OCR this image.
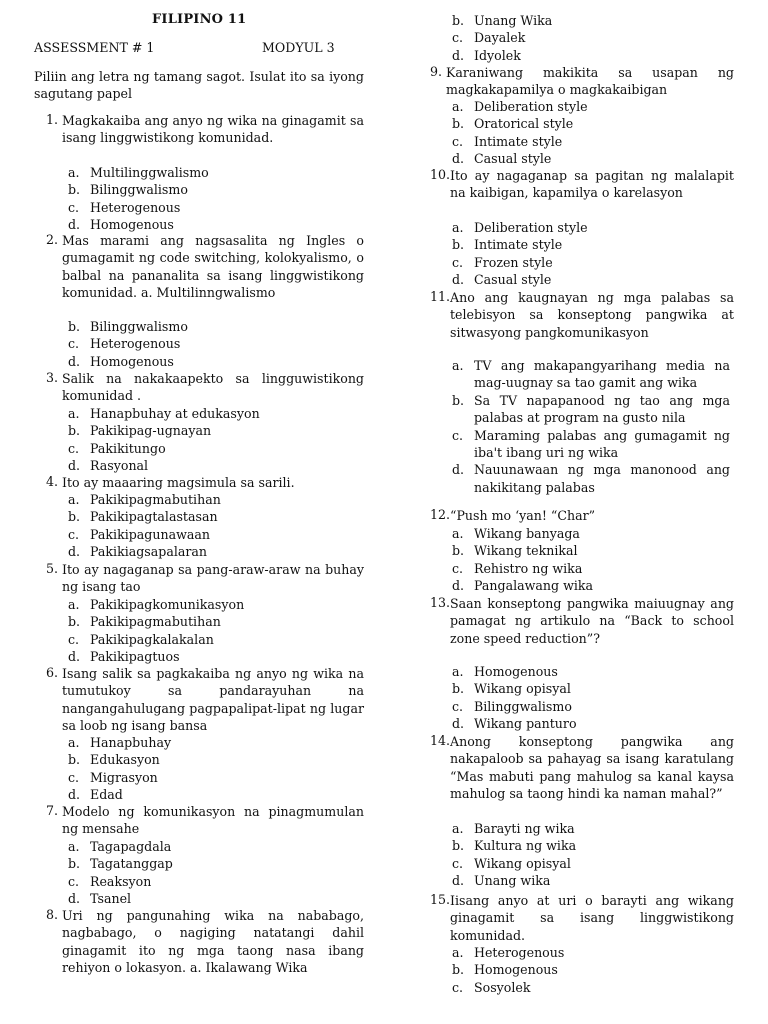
FILIPINO 11
ASSESSMENT # 1	MODYUL 3
Piliin ang letra ng tamang sagot. Isulat ito sa iyong sagutang papel
1. Magkakaiba ang anyo ng wika na ginagamit sa isang linggwistikong komunidad.
a. Multilinggwalismo
b. Bilinggwalismo
c. Heterogenous
d. Homogenous
2. Mas marami ang nagsasalita ng Ingles o gumagamit ng code switching, kolokyalismo, o balbal na pananalita sa isang linggwistikong komunidad. a. Multilinngwalismo
b. Bilinggwalismo
c. Heterogenous
d. Homogenous
3. Salik na nakakaapekto sa lingguwistikong komunidad .
a. Hanapbuhay at edukasyon
b. Pakikipag-ugnayan
c. Pakikitungo
d. Rasyonal
4. Ito ay maaaring magsimula sa sarili.
a. Pakikipagmabutihan
b. Pakikipagtalastasan
c. Pakikipagunawaan
d. Pakikiagsapalaran
5. Ito ay nagaganap sa pang-araw-araw na buhay ng isang tao
a. Pakikipagkomunikasyon
b. Pakikipagmabutihan
c. Pakikipagkalakalan
d. Pakikipagtuos
6. Isang salik sa pagkakaiba ng anyo ng wika na tumutukoy sa pandarayuhan na nangangahulugang pagpapalipat-lipat ng lugar sa loob ng isang bansa
a. Hanapbuhay
b. Edukasyon
c. Migrasyon
d. Edad
7. Modelo ng komunikasyon na pinagmumulan ng mensahe
a. Tagapagdala
b. Tagatanggap
c. Reaksyon
d. Tsanel
8. Uri ng pangunahing wika na nababago, nagbabago, o nagiging natatangi dahil ginagamit ito ng mga taong nasa ibang rehiyon o lokasyon. a. Ikalawang Wika
b. Unang Wika
c. Dayalek
d. Idyolek
9. Karaniwang makikita sa usapan ng magkakapamilya o magkakaibigan
a. Deliberation style
b. Oratorical style
c. Intimate style
d. Casual style
10. Ito ay nagaganap sa pagitan ng malalapit na kaibigan, kapamilya o karelasyon
a. Deliberation style
b. Intimate style
c. Frozen style
d. Casual style
11. Ano ang kaugnayan ng mga palabas sa telebisyon sa konseptong pangwika at sitwasyong pangkomunikasyon
a. TV ang makapangyarihang media na mag-uugnay sa tao gamit ang wika
b. Sa TV napapanood ng tao ang mga palabas at program na gusto nila
c. Maraming palabas ang gumagamit ng iba't ibang uri ng wika
d. Nauunawaan ng mga manonood ang nakikitang palabas
12. “Push mo ‘yan! “Char”
a. Wikang banyaga
b. Wikang teknikal
c. Rehistro ng wika
d. Pangalawang wika
13. Saan konseptong pangwika maiuugnay ang pamagat ng artikulo na “Back to school zone speed reduction”?
a. Homogenous
b. Wikang opisyal
c. Bilinggwalismo
d. Wikang panturo
14. Anong konseptong pangwika ang nakapaloob sa pahayag sa isang karatulang “Mas mabuti pang mahulog sa kanal kaysa mahulog sa taong hindi ka naman mahal?”
a. Barayti ng wika
b. Kultura ng wika
c. Wikang opisyal
d. Unang wika
15. Iisang anyo at uri o barayti ang wikang ginagamit sa isang linggwistikong komunidad.
a. Heterogenous
b. Homogenous
c. Sosyolek
